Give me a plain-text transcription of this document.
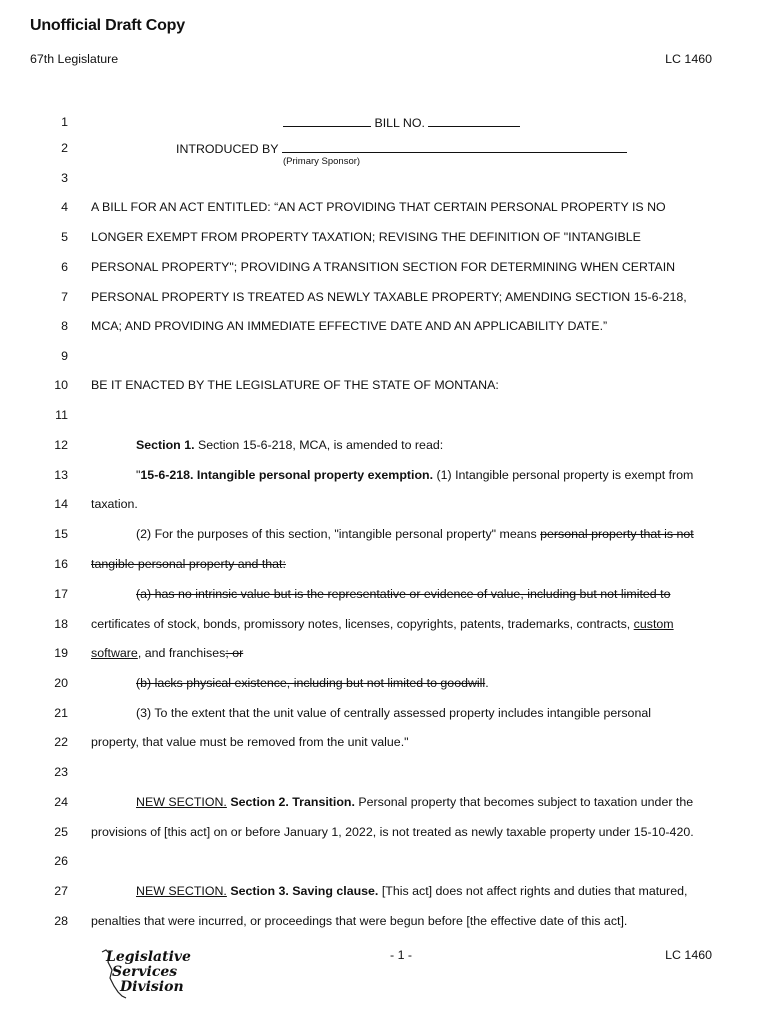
Unofficial Draft Copy
67th Legislature	LC 1460
1
2
3
4
5
6
7
8
9
10
11
12
13
14
15
16
17
18
19
20
21
22
23
24
25
26
27
28
BILL NO.
INTRODUCED BY
(Primary Sponsor)
A BILL FOR AN ACT ENTITLED: “AN ACT PROVIDING THAT CERTAIN PERSONAL PROPERTY IS NO
LONGER EXEMPT FROM PROPERTY TAXATION; REVISING THE DEFINITION OF "INTANGIBLE
PERSONAL PROPERTY"; PROVIDING A TRANSITION SECTION FOR DETERMINING WHEN CERTAIN
PERSONAL PROPERTY IS TREATED AS NEWLY TAXABLE PROPERTY; AMENDING SECTION 15-6-218,
MCA; AND PROVIDING AN IMMEDIATE EFFECTIVE DATE AND AN APPLICABILITY DATE.”
BE IT ENACTED BY THE LEGISLATURE OF THE STATE OF MONTANA:
Section 1. Section 15-6-218, MCA, is amended to read:
"15-6-218. Intangible personal property exemption. (1) Intangible personal property is exempt from
taxation.
(2) For the purposes of this section, "intangible personal property" means personal property that is not
tangible personal property and that:
(a) has no intrinsic value but is the representative or evidence of value, including but not limited to
certificates of stock, bonds, promissory notes, licenses, copyrights, patents, trademarks, contracts, custom
software, and franchises; or
(b) lacks physical existence, including but not limited to goodwill.
(3) To the extent that the unit value of centrally assessed property includes intangible personal
property, that value must be removed from the unit value."
NEW SECTION. Section 2. Transition. Personal property that becomes subject to taxation under the
provisions of [this act] on or before January 1, 2022, is not treated as newly taxable property under 15-10-420.
NEW SECTION. Section 3. Saving clause. [This act] does not affect rights and duties that matured,
penalties that were incurred, or proceedings that were begun before [the effective date of this act].
Legislative
Services
Division
- 1 -	LC 1460
